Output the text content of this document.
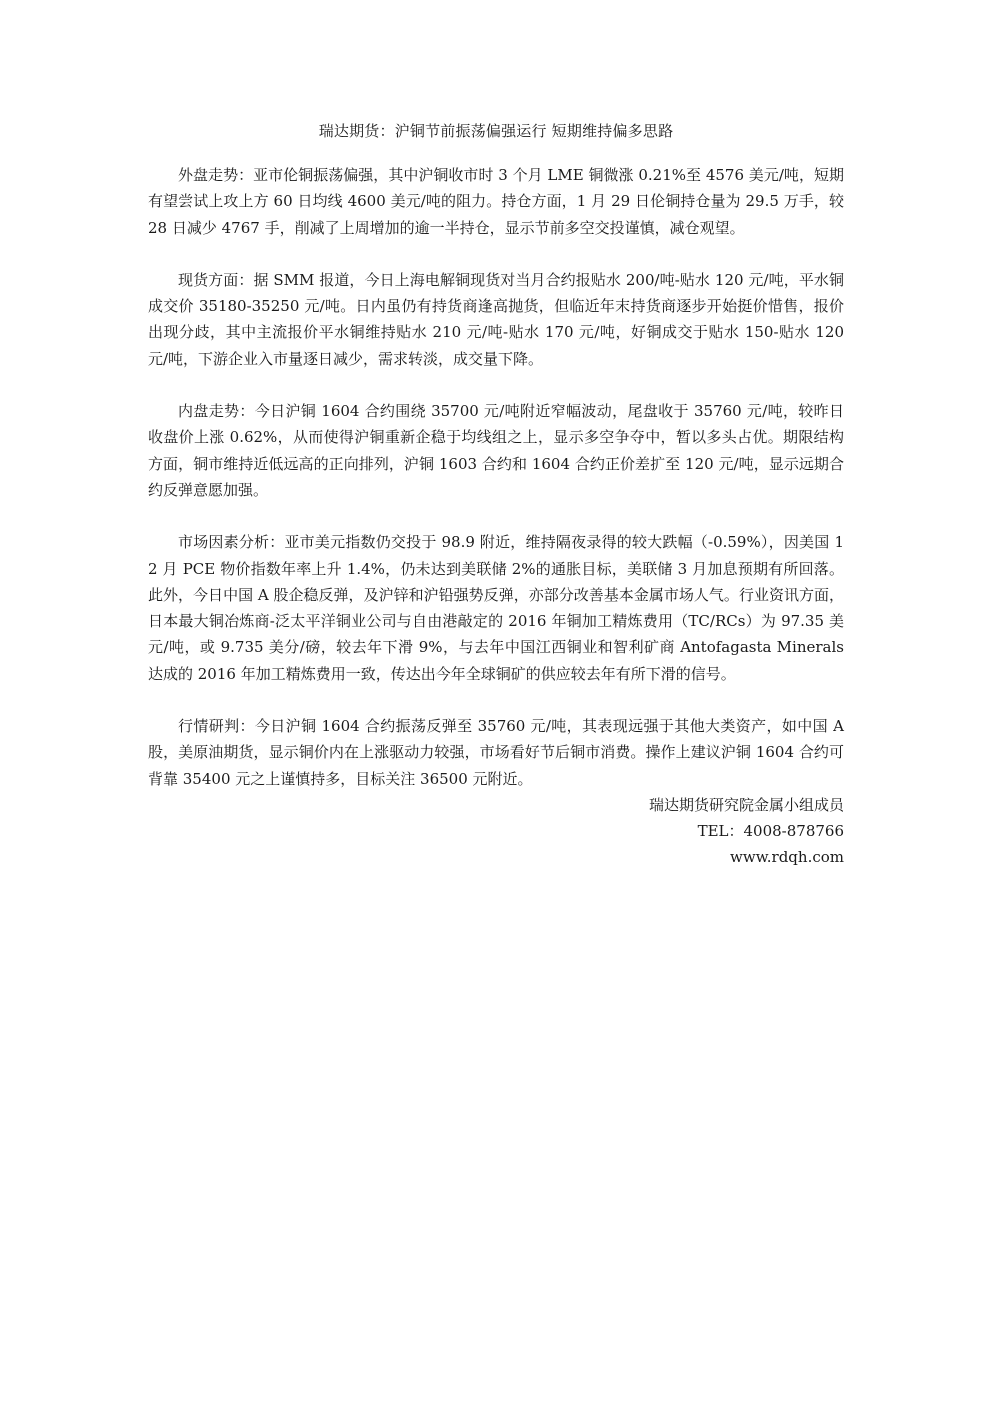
瑞达期货：沪铜节前振荡偏强运行 短期维持偏多思路

外盘走势：亚市伦铜振荡偏强，其中沪铜收市时 3 个月 LME 铜微涨 0.21%至 4576 美元/吨，短期有望尝试上攻上方 60 日均线 4600 美元/吨的阻力。持仓方面，1 月 29 日伦铜持仓量为 29.5 万手，较 28 日减少 4767 手，削减了上周增加的逾一半持仓，显示节前多空交投谨慎，减仓观望。

现货方面：据 SMM 报道，今日上海电解铜现货对当月合约报贴水 200/吨-贴水 120 元/吨，平水铜成交价 35180-35250 元/吨。日内虽仍有持货商逢高抛货，但临近年末持货商逐步开始挺价惜售，报价出现分歧，其中主流报价平水铜维持贴水 210 元/吨-贴水 170 元/吨，好铜成交于贴水 150-贴水 120 元/吨，下游企业入市量逐日减少，需求转淡，成交量下降。

内盘走势：今日沪铜 1604 合约围绕 35700 元/吨附近窄幅波动，尾盘收于 35760 元/吨，较昨日收盘价上涨 0.62%，从而使得沪铜重新企稳于均线组之上，显示多空争夺中，暂以多头占优。期限结构方面，铜市维持近低远高的正向排列，沪铜 1603 合约和 1604 合约正价差扩至 120 元/吨，显示远期合约反弹意愿加强。

市场因素分析：亚市美元指数仍交投于 98.9 附近，维持隔夜录得的较大跌幅（-0.59%），因美国 12 月 PCE 物价指数年率上升 1.4%，仍未达到美联储 2%的通胀目标，美联储 3 月加息预期有所回落。此外，今日中国 A 股企稳反弹，及沪锌和沪铅强势反弹，亦部分改善基本金属市场人气。行业资讯方面，日本最大铜冶炼商-泛太平洋铜业公司与自由港敲定的 2016 年铜加工精炼费用（TC/RCs）为 97.35 美元/吨，或 9.735 美分/磅，较去年下滑 9%，与去年中国江西铜业和智利矿商 Antofagasta Minerals 达成的 2016 年加工精炼费用一致，传达出今年全球铜矿的供应较去年有所下滑的信号。

行情研判：今日沪铜 1604 合约振荡反弹至 35760 元/吨，其表现远强于其他大类资产，如中国 A 股，美原油期货，显示铜价内在上涨驱动力较强，市场看好节后铜市消费。操作上建议沪铜 1604 合约可背靠 35400 元之上谨慎持多，目标关注 36500 元附近。

瑞达期货研究院金属小组成员
TEL：4008-878766
www.rdqh.com
